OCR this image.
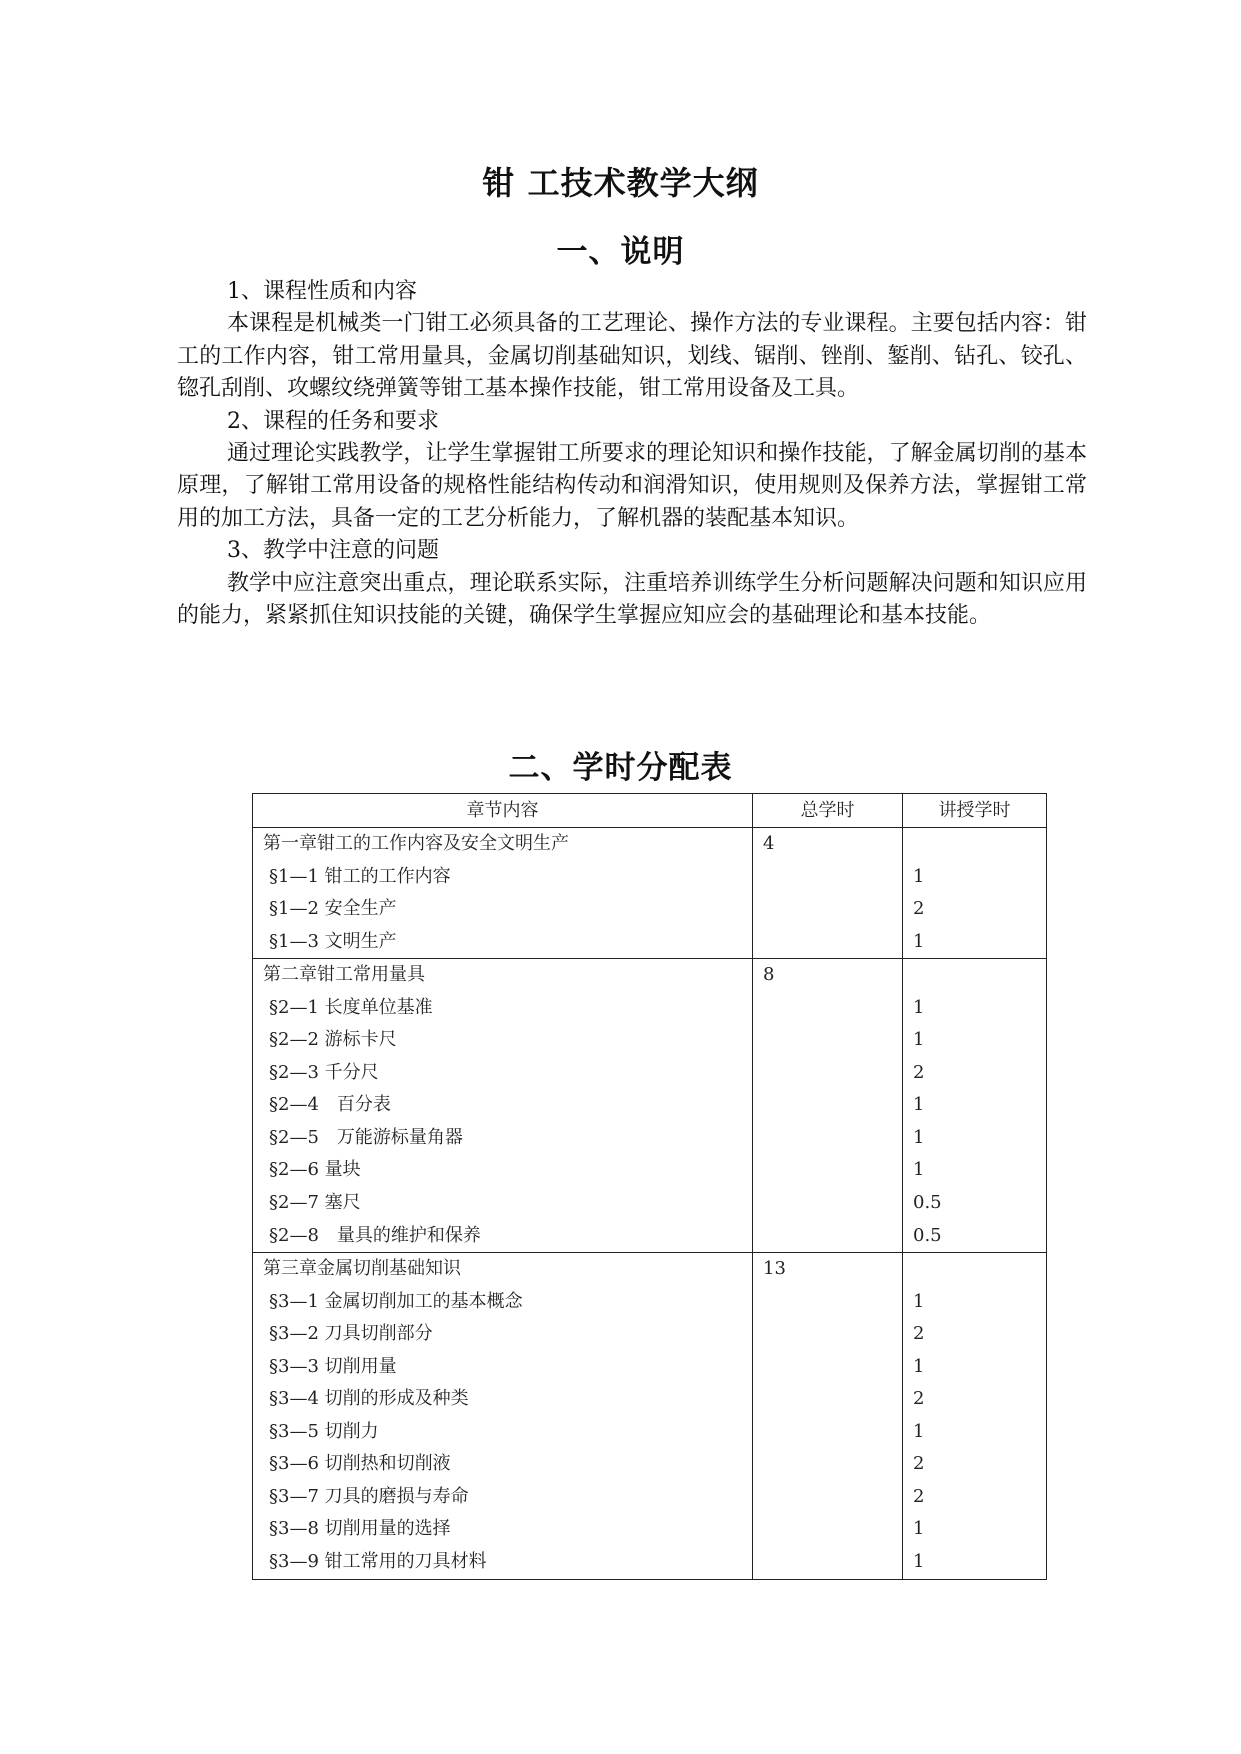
钳 工技术教学大纲
一、说明

1、课程性质和内容

本课程是机械类一门钳工必须具备的工艺理论、操作方法的专业课程。主要包括内容：钳工的工作内容，钳工常用量具，金属切削基础知识，划线、锯削、锉削、錾削、钻孔、铰孔、锪孔刮削、攻螺纹绕弹簧等钳工基本操作技能，钳工常用设备及工具。

2、课程的任务和要求

通过理论实践教学，让学生掌握钳工所要求的理论知识和操作技能，了解金属切削的基本原理，了解钳工常用设备的规格性能结构传动和润滑知识，使用规则及保养方法，掌握钳工常用的加工方法，具备一定的工艺分析能力，了解机器的装配基本知识。

3、教学中注意的问题

教学中应注意突出重点，理论联系实际，注重培养训练学生分析问题解决问题和知识应用的能力，紧紧抓住知识技能的关键，确保学生掌握应知应会的基础理论和基本技能。

二、学时分配表
章节内容	总学时	讲授学时
第一章钳工的工作内容及安全文明生产	4	
§1—1 钳工的工作内容		1
§1—2 安全生产		2
§1—3 文明生产		1
第二章钳工常用量具	8	
§2—1 长度单位基准		1
§2—2 游标卡尺		1
§2—3 千分尺		2
§2—4　百分表		1
§2—5　万能游标量角器		1
§2—6 量块		1
§2—7 塞尺		0.5
§2—8　量具的维护和保养		0.5
第三章金属切削基础知识	13	
§3—1 金属切削加工的基本概念		1
§3—2 刀具切削部分		2
§3—3 切削用量		1
§3—4 切削的形成及种类		2
§3—5 切削力		1
§3—6 切削热和切削液		2
§3—7 刀具的磨损与寿命		2
§3—8 切削用量的选择		1
§3—9 钳工常用的刀具材料		1
